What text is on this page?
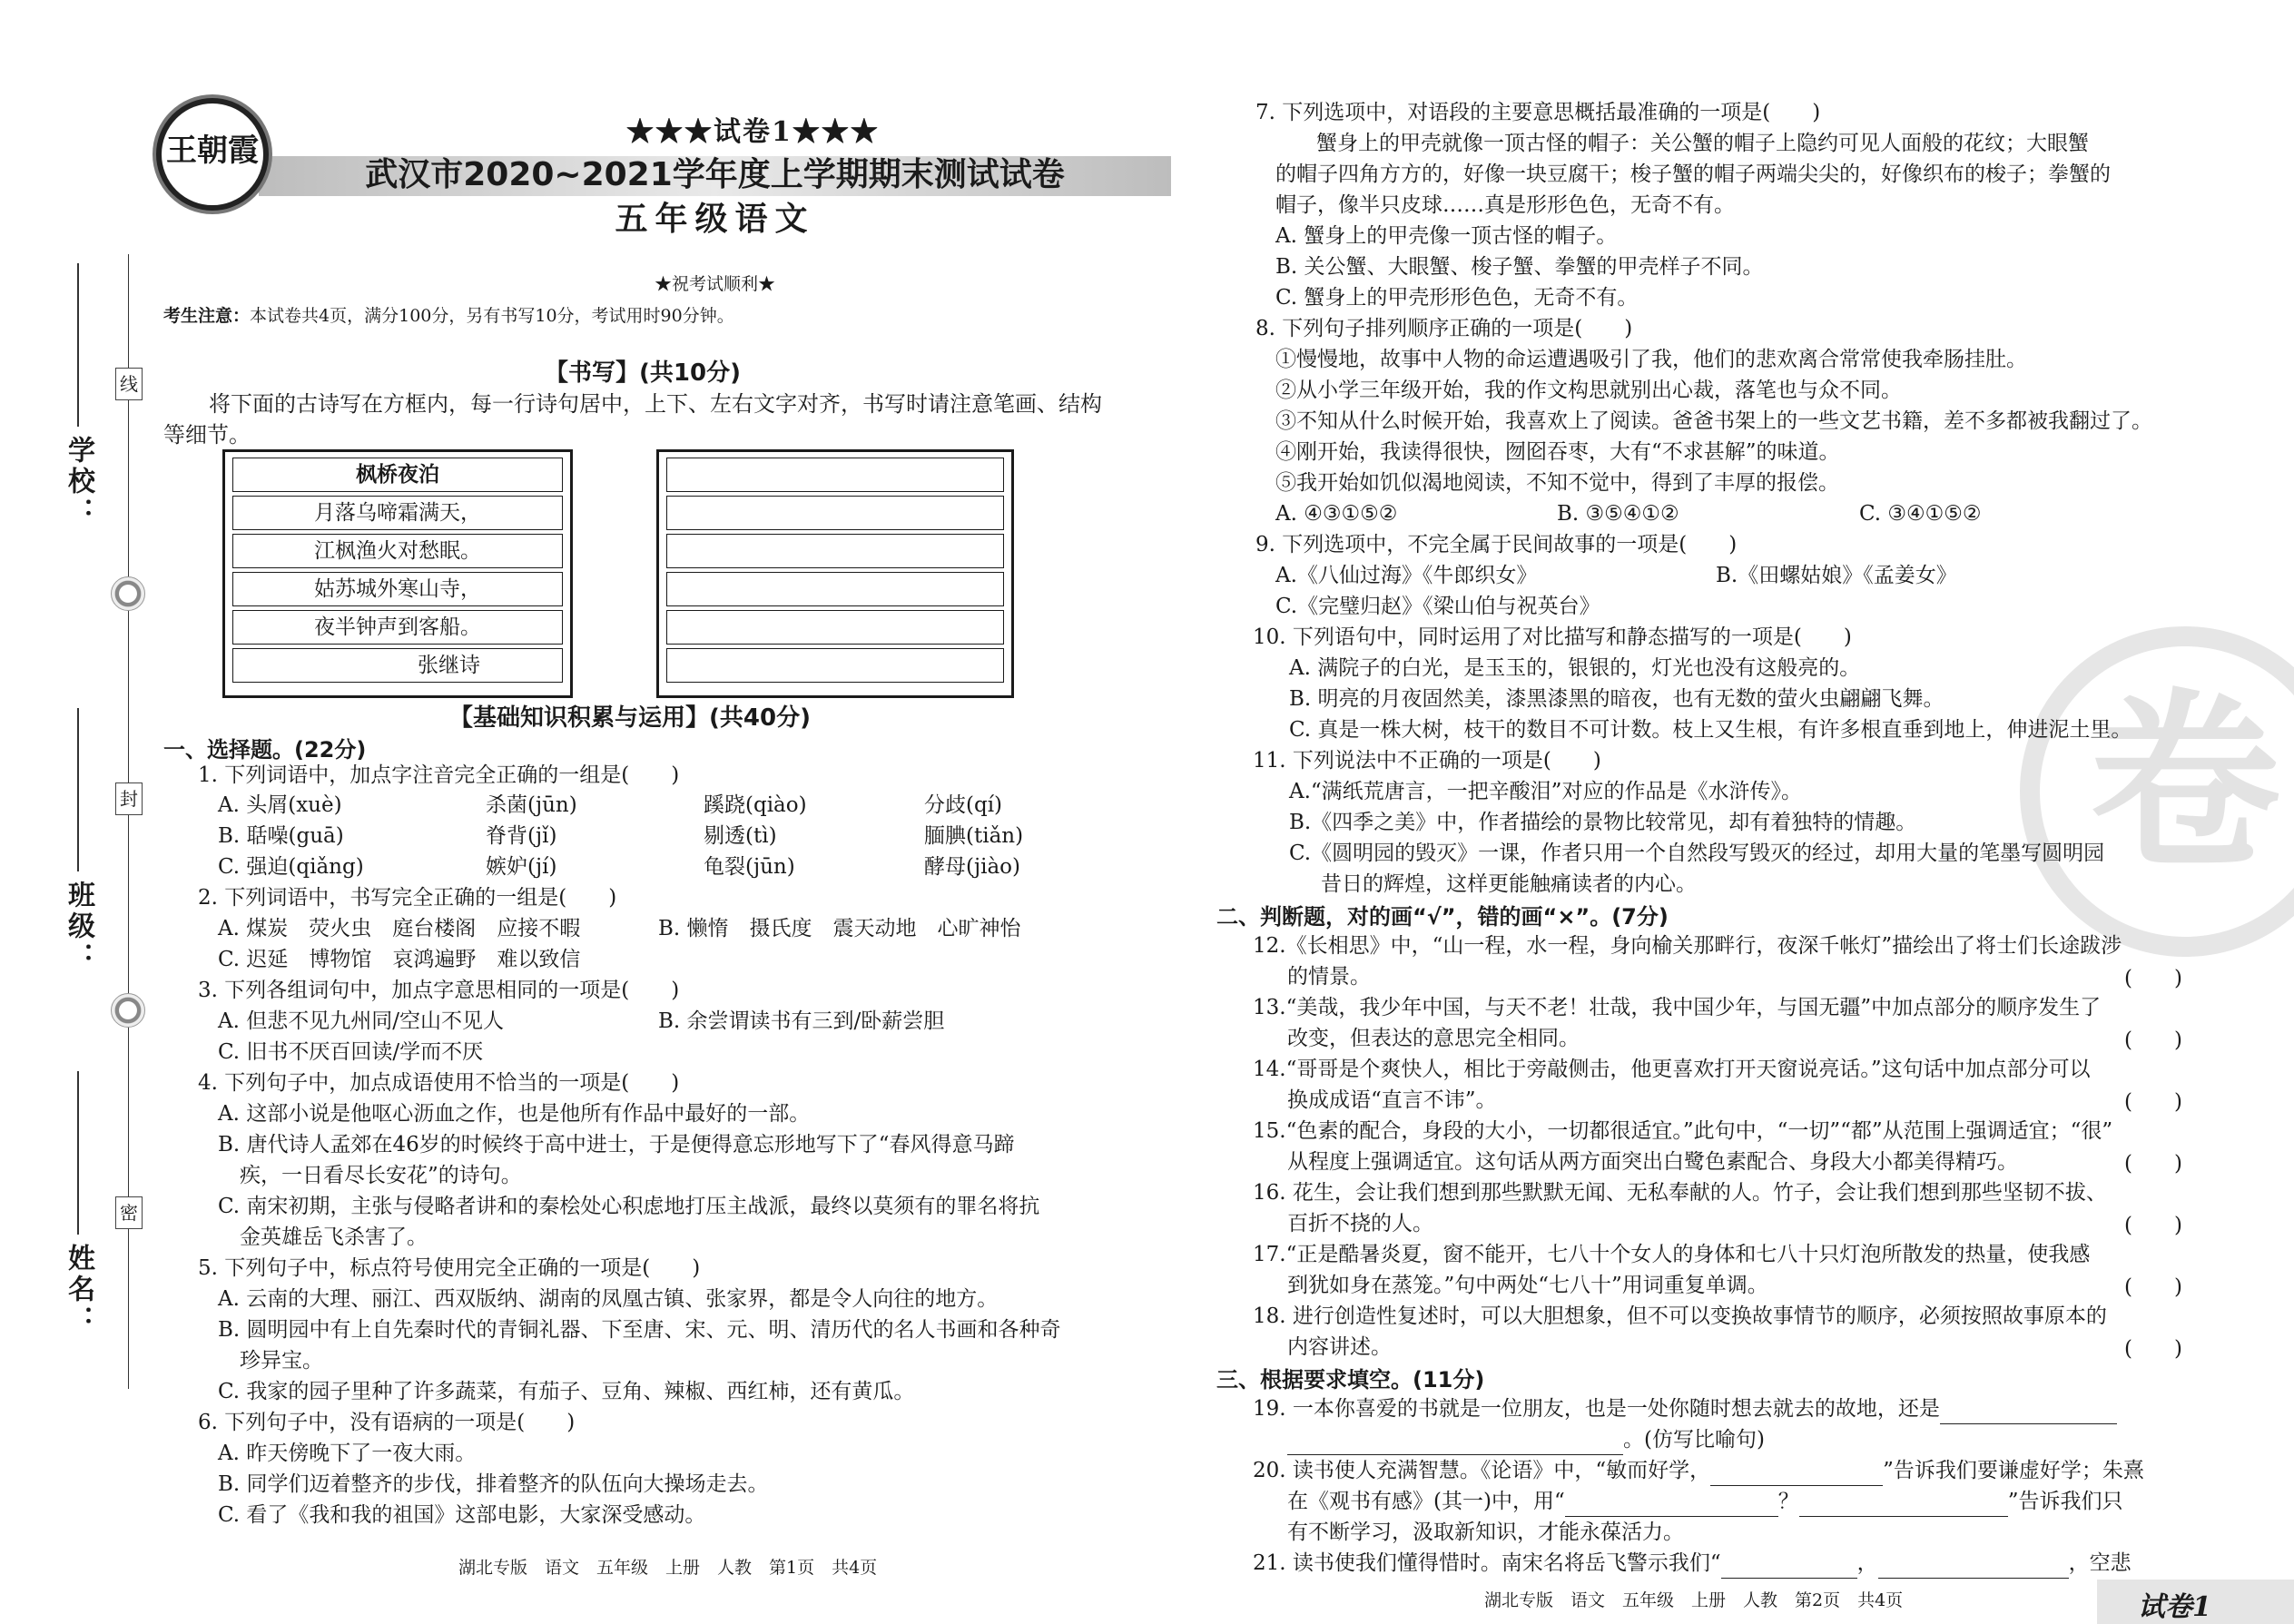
线
封
密
学校：
班级：
姓名：
王朝霞
★★★试卷1★★★
武汉市2020~2021学年度上学期期末测试试卷
五年级语文
★祝考试顺利★
考生注意：本试卷共4页，满分100分，另有书写10分，考试用时90分钟。
【书写】(共10分)
将下面的古诗写在方框内，每一行诗句居中，上下、左右文字对齐，书写时请注意笔画、结构
等细节。
枫桥夜泊
月落乌啼霜满天，
江枫渔火对愁眠。
姑苏城外寒山寺，
夜半钟声到客船。
张继诗
【基础知识积累与运用】(共40分)
一、选择题。(22分)
1. 下列词语中，加点字注音完全正确的一组是(　　)
A. 头屑(xuè)	杀菌(jūn)	蹊跷(qiào)	分歧(qí)
B. 聒噪(guā)	脊背(jǐ)	剔透(tì)	腼腆(tiǎn)
C. 强迫(qiǎng)	嫉妒(jí)	龟裂(jūn)	酵母(jiào)
2. 下列词语中，书写完全正确的一组是(　　)
A. 煤炭　荧火虫　庭台楼阁　应接不暇	B. 懒惰　摄氏度　震天动地　心旷神怡
C. 迟延　博物馆　哀鸿遍野　难以致信
3. 下列各组词句中，加点字意思相同的一项是(　　)
A. 但悲不见九州同/空山不见人	B. 余尝谓读书有三到/卧薪尝胆
C. 旧书不厌百回读/学而不厌
4. 下列句子中，加点成语使用不恰当的一项是(　　)
A. 这部小说是他呕心沥血之作，也是他所有作品中最好的一部。
B. 唐代诗人孟郊在46岁的时候终于高中进士，于是便得意忘形地写下了“春风得意马蹄
疾，一日看尽长安花”的诗句。
C. 南宋初期，主张与侵略者讲和的秦桧处心积虑地打压主战派，最终以莫须有的罪名将抗
金英雄岳飞杀害了。
5. 下列句子中，标点符号使用完全正确的一项是(　　)
A. 云南的大理、丽江、西双版纳、湖南的凤凰古镇、张家界，都是令人向往的地方。
B. 圆明园中有上自先秦时代的青铜礼器、下至唐、宋、元、明、清历代的名人书画和各种奇
珍异宝。
C. 我家的园子里种了许多蔬菜，有茄子、豆角、辣椒、西红柿，还有黄瓜。
6. 下列句子中，没有语病的一项是(　　)
A. 昨天傍晚下了一夜大雨。
B. 同学们迈着整齐的步伐，排着整齐的队伍向大操场走去。
C. 看了《我和我的祖国》这部电影，大家深受感动。
湖北专版　语文　五年级　上册　人教　第1页　共4页
卷
7. 下列选项中，对语段的主要意思概括最准确的一项是(　　)
蟹身上的甲壳就像一顶古怪的帽子：关公蟹的帽子上隐约可见人面般的花纹；大眼蟹
的帽子四角方方的，好像一块豆腐干；梭子蟹的帽子两端尖尖的，好像织布的梭子；拳蟹的
帽子，像半只皮球……真是形形色色，无奇不有。
A. 蟹身上的甲壳像一顶古怪的帽子。
B. 关公蟹、大眼蟹、梭子蟹、拳蟹的甲壳样子不同。
C. 蟹身上的甲壳形形色色，无奇不有。
8. 下列句子排列顺序正确的一项是(　　)
①慢慢地，故事中人物的命运遭遇吸引了我，他们的悲欢离合常常使我牵肠挂肚。
②从小学三年级开始，我的作文构思就别出心裁，落笔也与众不同。
③不知从什么时候开始，我喜欢上了阅读。爸爸书架上的一些文艺书籍，差不多都被我翻过了。
④刚开始，我读得很快，囫囵吞枣，大有“不求甚解”的味道。
⑤我开始如饥似渴地阅读，不知不觉中，得到了丰厚的报偿。
A. ④③①⑤②	B. ③⑤④①②	C. ③④①⑤②
9. 下列选项中，不完全属于民间故事的一项是(　　)
A.《八仙过海》《牛郎织女》	B.《田螺姑娘》《孟姜女》
C.《完璧归赵》《梁山伯与祝英台》
10. 下列语句中，同时运用了对比描写和静态描写的一项是(　　)
A. 满院子的白光，是玉玉的，银银的，灯光也没有这般亮的。
B. 明亮的月夜固然美，漆黑漆黑的暗夜，也有无数的萤火虫翩翩飞舞。
C. 真是一株大树，枝干的数目不可计数。枝上又生根，有许多根直垂到地上，伸进泥土里。
11. 下列说法中不正确的一项是(　　)
A.“满纸荒唐言，一把辛酸泪”对应的作品是《水浒传》。
B.《四季之美》中，作者描绘的景物比较常见，却有着独特的情趣。
C.《圆明园的毁灭》一课，作者只用一个自然段写毁灭的经过，却用大量的笔墨写圆明园
昔日的辉煌，这样更能触痛读者的内心。
二、判断题，对的画“√”，错的画“×”。(7分)
12.《长相思》中，“山一程，水一程，身向榆关那畔行，夜深千帐灯”描绘出了将士们长途跋涉
的情景。	(　　)
13.“美哉，我少年中国，与天不老！壮哉，我中国少年，与国无疆”中加点部分的顺序发生了
改变，但表达的意思完全相同。	(　　)
14.“哥哥是个爽快人，相比于旁敲侧击，他更喜欢打开天窗说亮话。”这句话中加点部分可以
换成成语“直言不讳”。	(　　)
15.“色素的配合，身段的大小，一切都很适宜。”此句中，“一切”“都”从范围上强调适宜；“很”
从程度上强调适宜。这句话从两方面突出白鹭色素配合、身段大小都美得精巧。	(　　)
16. 花生，会让我们想到那些默默无闻、无私奉献的人。竹子，会让我们想到那些坚韧不拔、
百折不挠的人。	(　　)
17.“正是酷暑炎夏，窗不能开，七八十个女人的身体和七八十只灯泡所散发的热量，使我感
到犹如身在蒸笼。”句中两处“七八十”用词重复单调。	(　　)
18. 进行创造性复述时，可以大胆想象，但不可以变换故事情节的顺序，必须按照故事原本的
内容讲述。	(　　)
三、根据要求填空。(11分)
19. 一本你喜爱的书就是一位朋友，也是一处你随时想去就去的故地，还是
。(仿写比喻句)
20. 读书使人充满智慧。《论语》中，“敏而好学，	”告诉我们要谦虚好学；朱熹
在《观书有感》(其一)中，用“	？	”告诉我们只
有不断学习，汲取新知识，才能永葆活力。
21. 读书使我们懂得惜时。南宋名将岳飞警示我们“	，	，空悲
湖北专版　语文　五年级　上册　人教　第2页　共4页	试卷1
